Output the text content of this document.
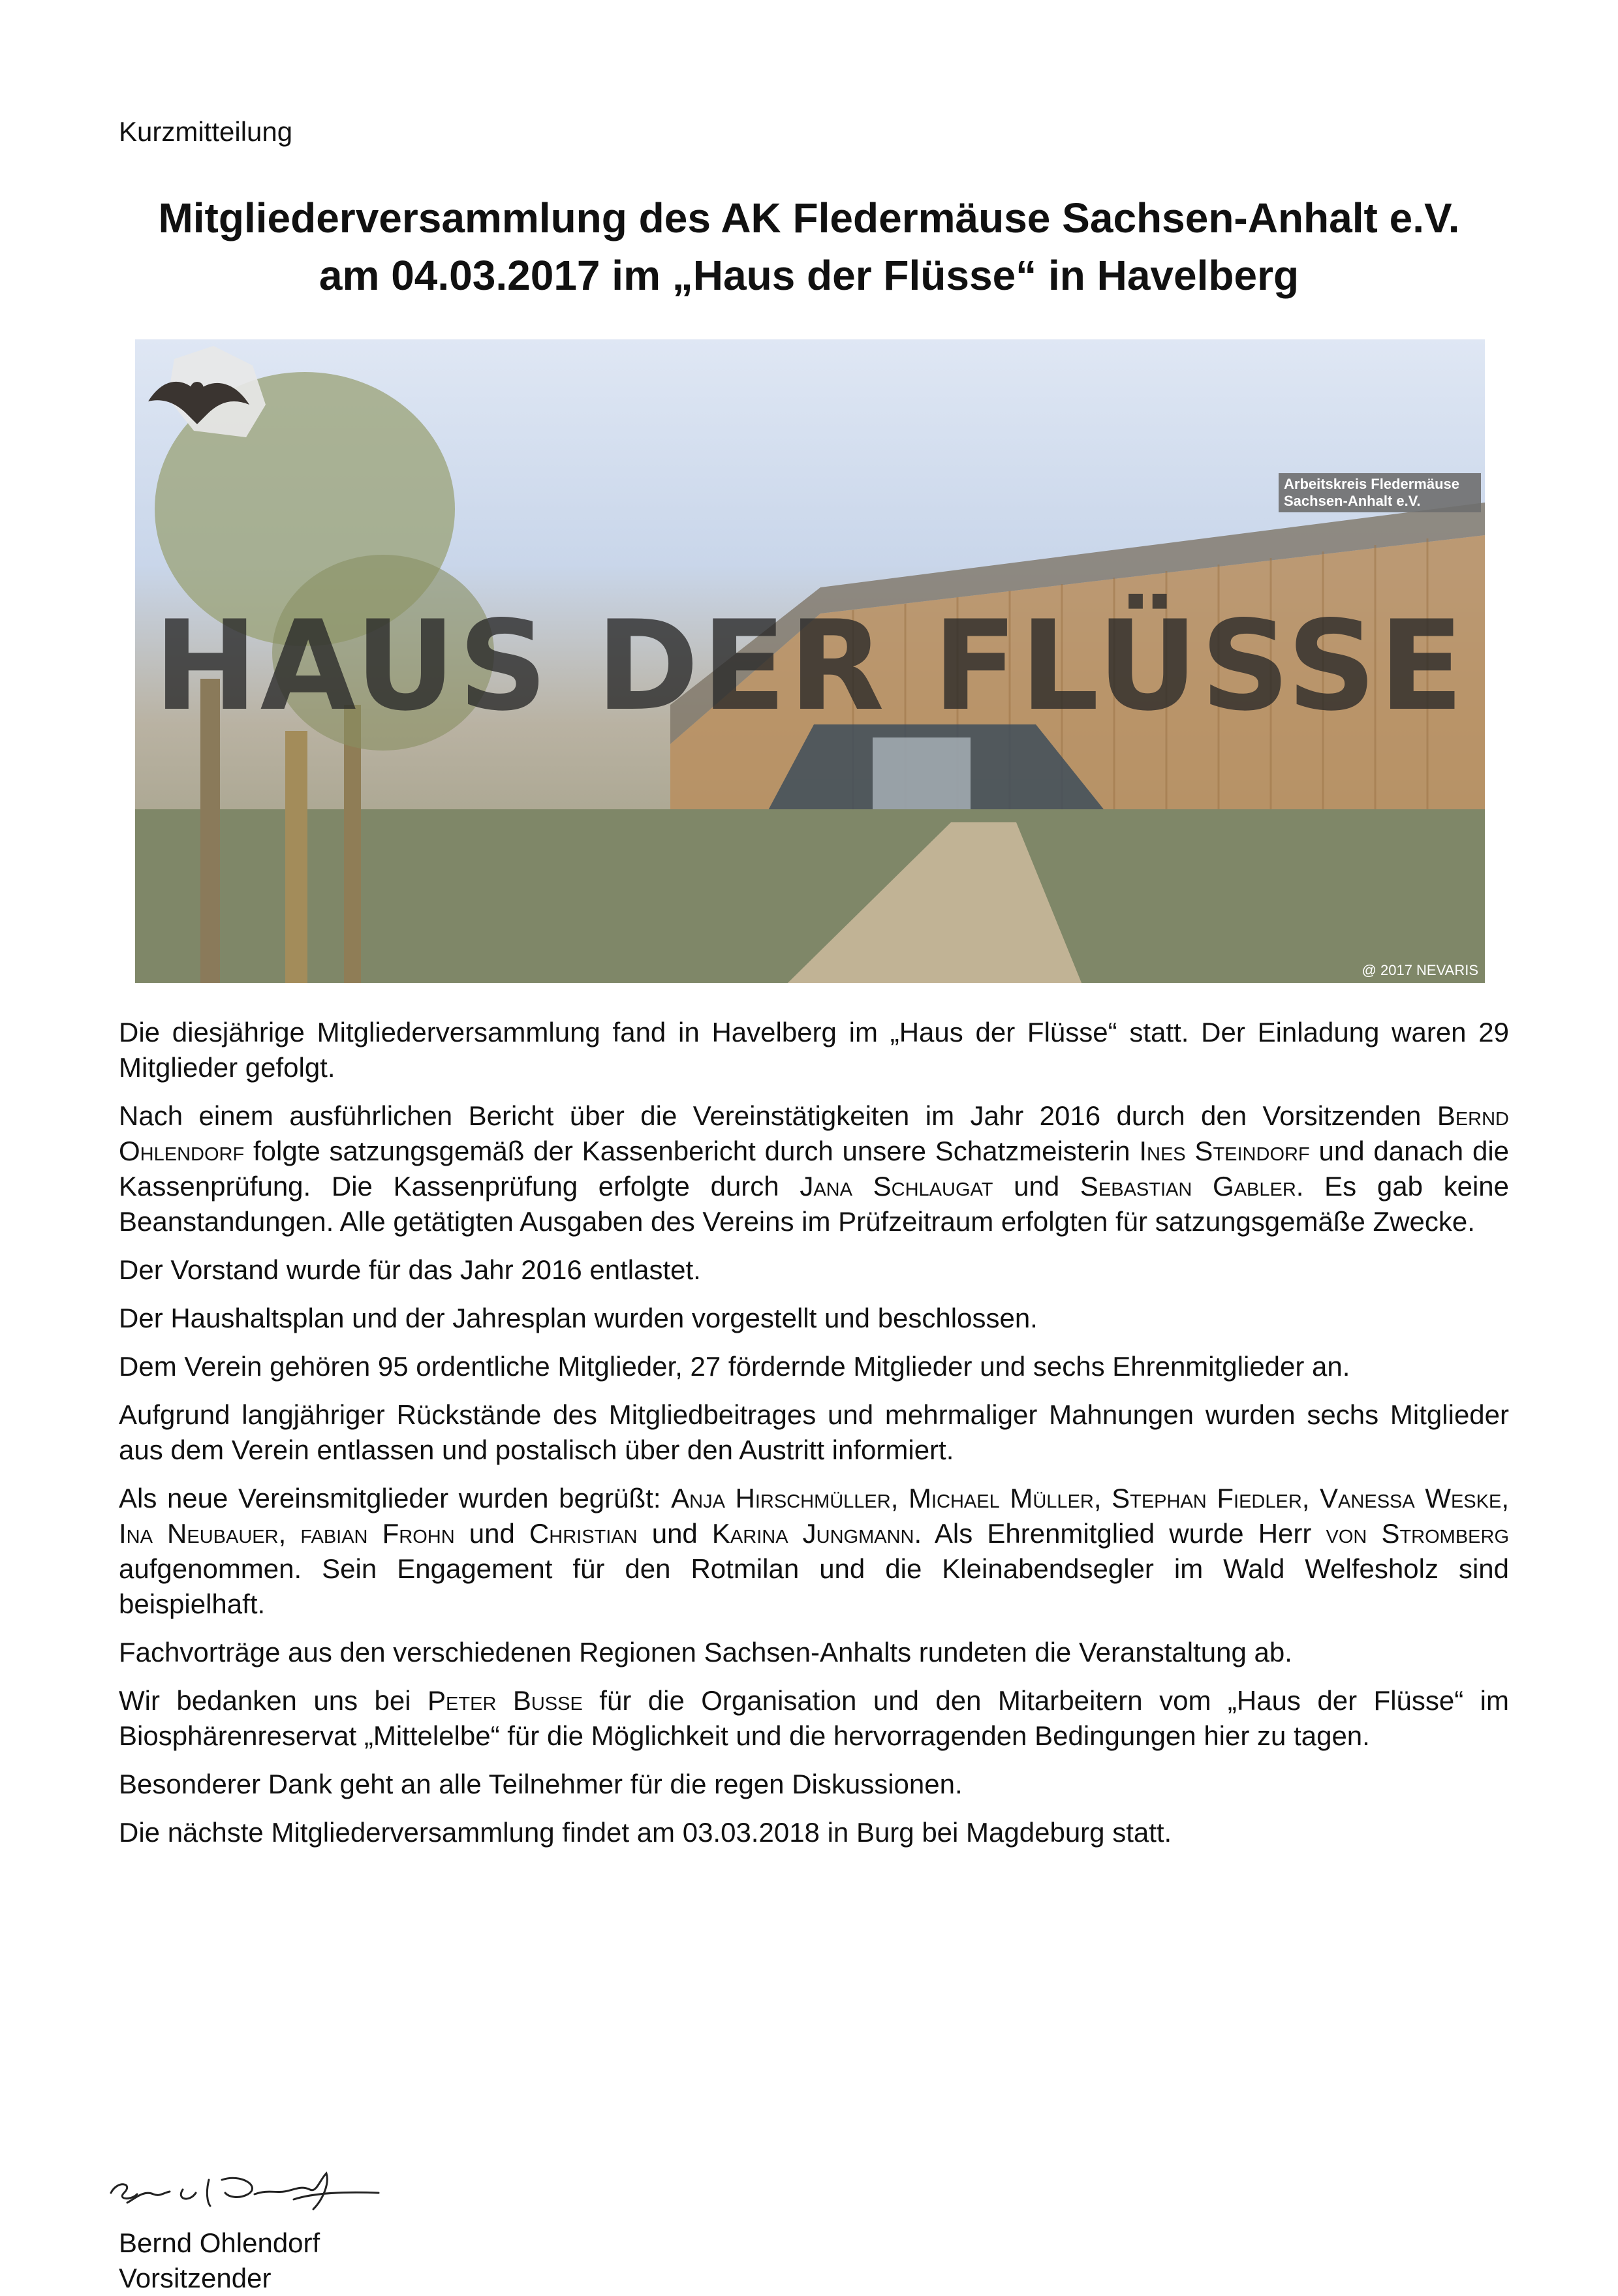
Kurzmitteilung
Mitgliederversammlung des AK Fledermäuse Sachsen-Anhalt e.V.
am 04.03.2017 im „Haus der Flüsse“ in Havelberg
HAUS DER FLÜSSE
Arbeitskreis Fledermäuse
Sachsen-Anhalt e.V.
@ 2017 NEVARIS

Die diesjährige Mitgliederversammlung fand in Havelberg im „Haus der Flüsse“ statt. Der Einladung waren 29 Mitglieder gefolgt.

Nach einem ausführlichen Bericht über die Vereinstätigkeiten im Jahr 2016 durch den Vorsitzenden Bernd Ohlendorf folgte satzungsgemäß der Kassenbericht durch unsere Schatzmeisterin Ines Steindorf und danach die Kassenprüfung. Die Kassenprüfung erfolgte durch Jana Schlaugat und Sebastian Gabler. Es gab keine Beanstandungen. Alle getätigten Ausgaben des Vereins im Prüfzeitraum erfolgten für satzungsgemäße Zwecke.

Der Vorstand wurde für das Jahr 2016 entlastet.

Der Haushaltsplan und der Jahresplan wurden vorgestellt und beschlossen.

Dem Verein gehören 95 ordentliche Mitglieder, 27 fördernde Mitglieder und sechs Ehrenmitglieder an.

Aufgrund langjähriger Rückstände des Mitgliedbeitrages und mehrmaliger Mahnungen wurden sechs Mitglieder aus dem Verein entlassen und postalisch über den Austritt informiert.

Als neue Vereinsmitglieder wurden begrüßt: Anja Hirschmüller, Michael Müller, Stephan Fiedler, Vanessa Weske, Ina Neubauer, fabian Frohn und Christian und Karina Jungmann. Als Ehrenmitglied wurde Herr von Stromberg aufgenommen. Sein Engagement für den Rotmilan und die Kleinabendsegler im Wald Welfesholz sind beispielhaft.

Fachvorträge aus den verschiedenen Regionen Sachsen-Anhalts rundeten die Veranstaltung ab.

Wir bedanken uns bei Peter Busse für die Organisation und den Mitarbeitern vom „Haus der Flüsse“ im Biosphärenreservat „Mittelelbe“ für die Möglichkeit und die hervorragenden Bedingungen hier zu tagen.

Besonderer Dank geht an alle Teilnehmer für die regen Diskussionen.

Die nächste Mitgliederversammlung findet am 03.03.2018 in Burg bei Magdeburg statt.

Bernd Ohlendorf
Vorsitzender
